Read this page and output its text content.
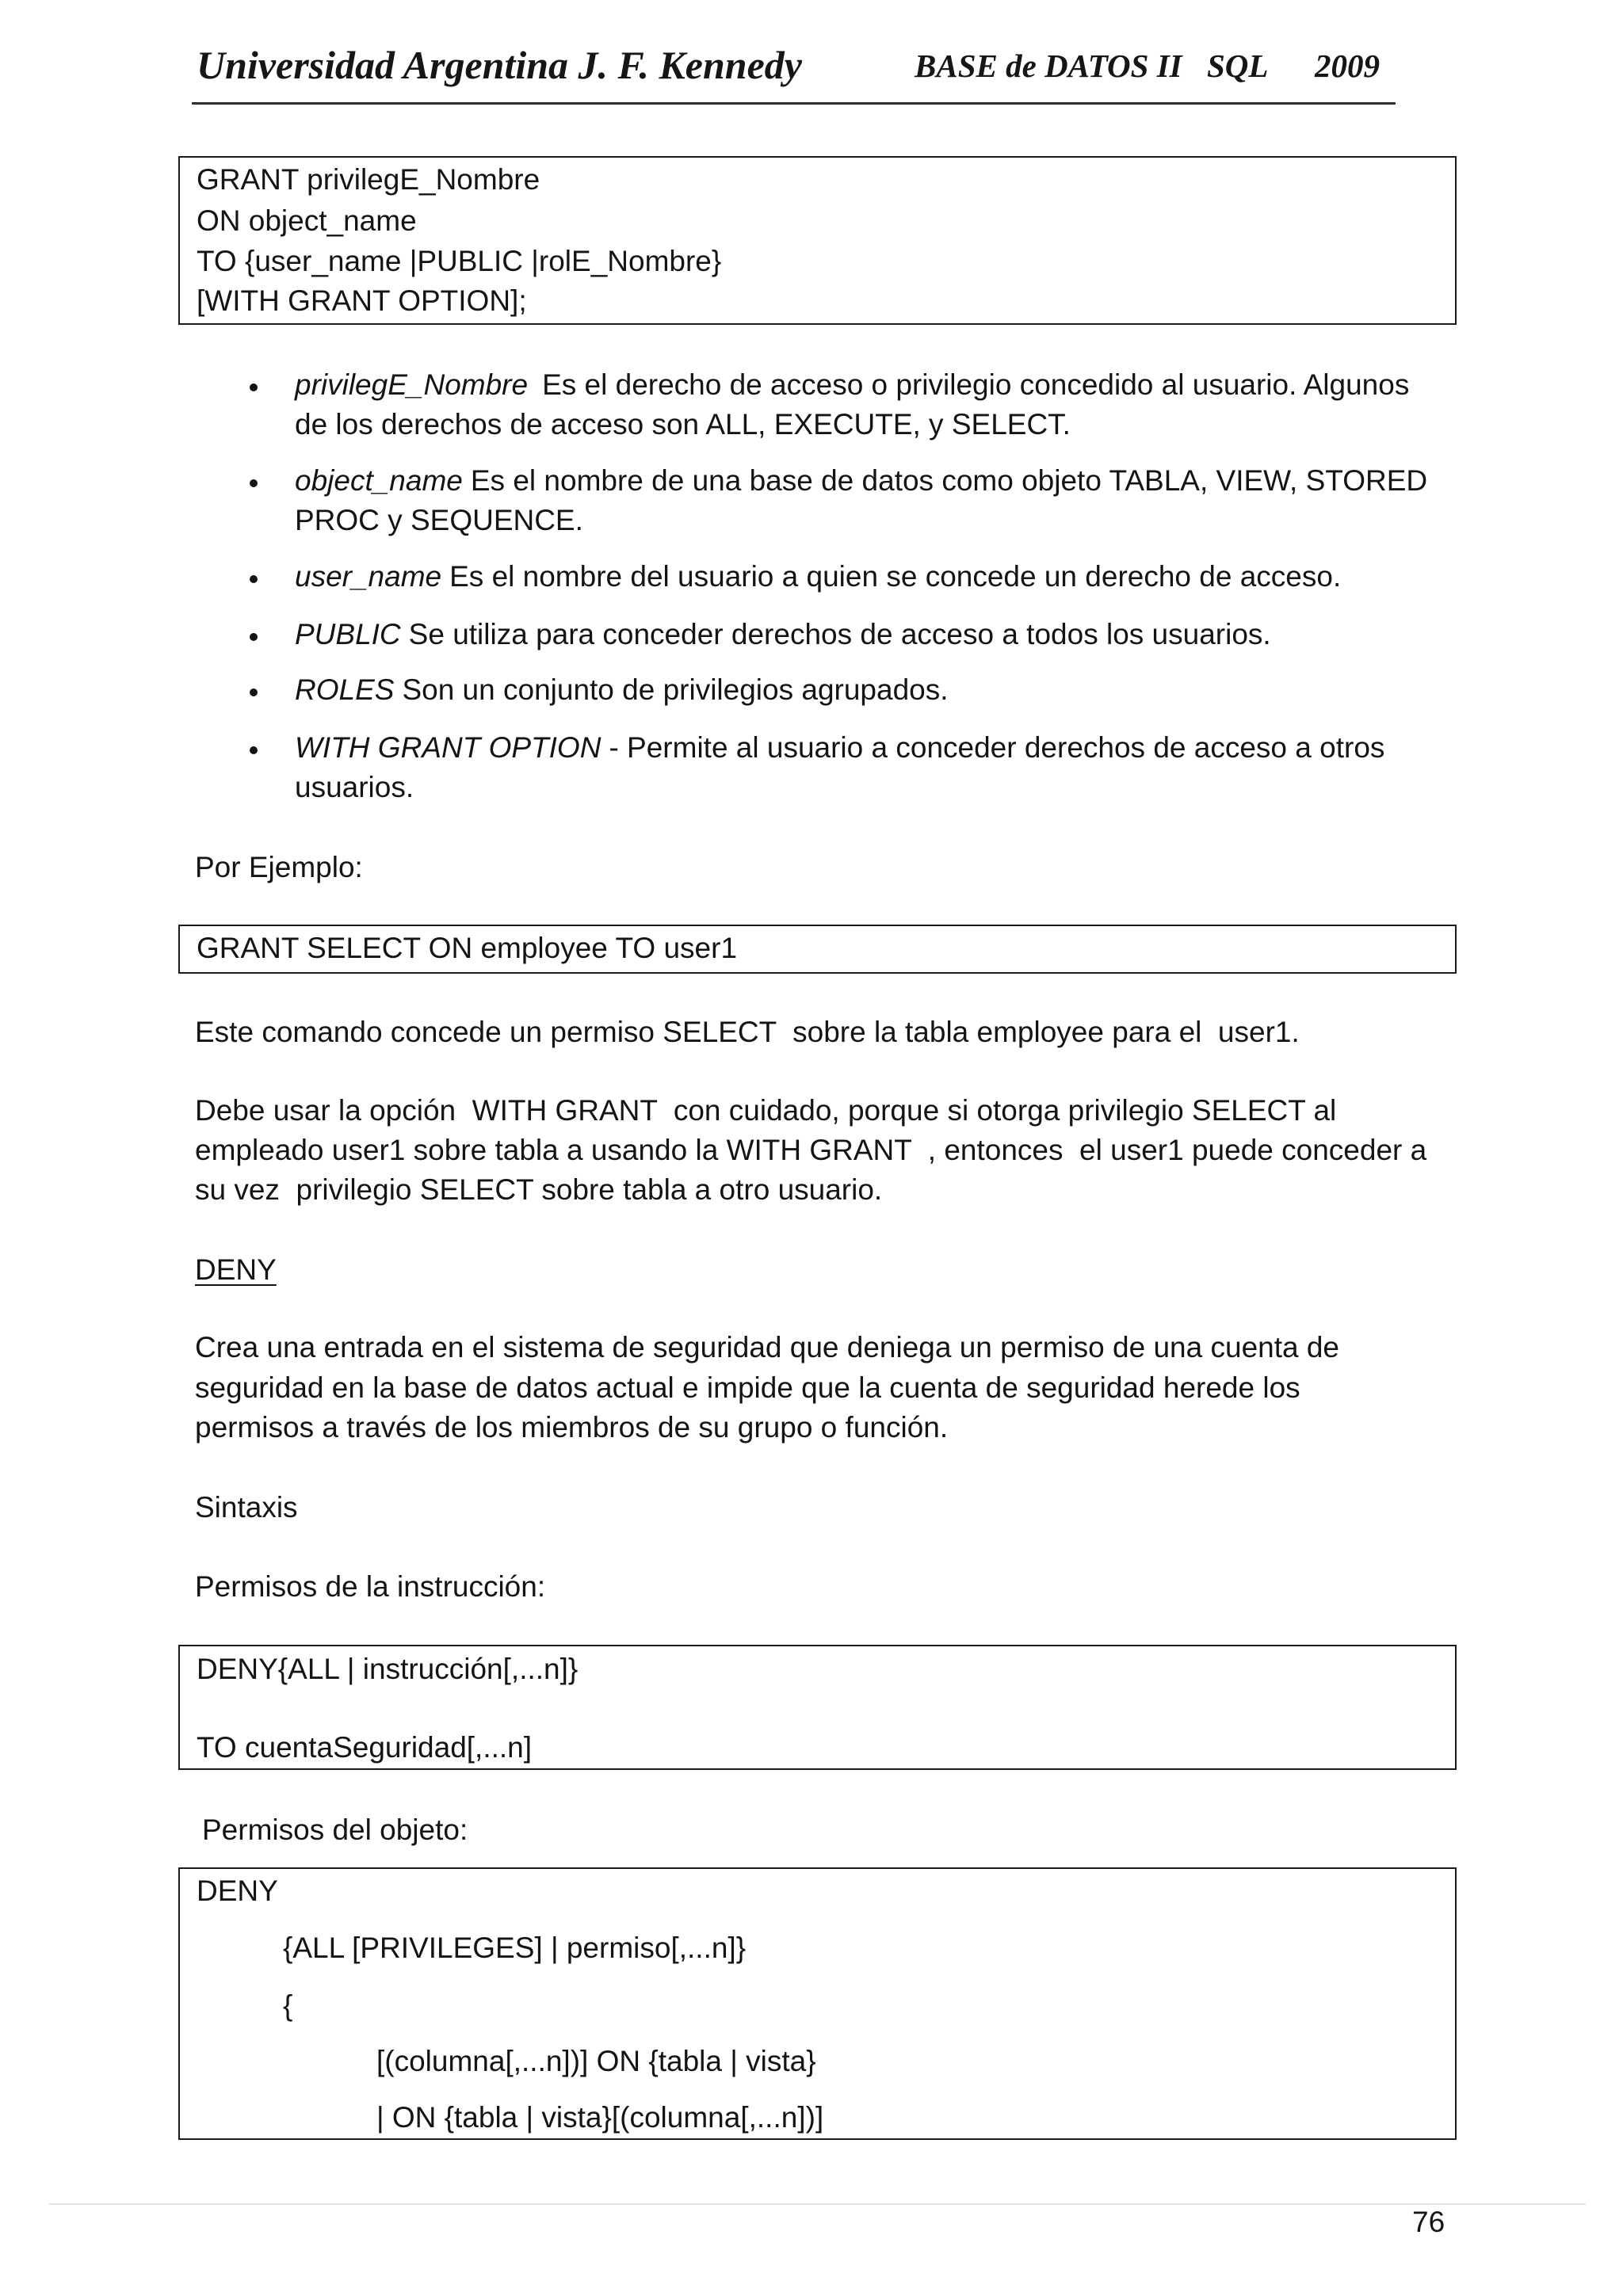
Universidad Argentina J. F. Kennedy	BASE de DATOS II SQL 2009
GRANT privilegE_Nombre
ON object_name
TO {user_name |PUBLIC |rolE_Nombre}
[WITH GRANT OPTION];
privilegE_Nombre Es el derecho de acceso o privilegio concedido al usuario. Algunos
de los derechos de acceso son ALL, EXECUTE, y SELECT.
object_name Es el nombre de una base de datos como objeto TABLA, VIEW, STORED
PROC y SEQUENCE.
user_name Es el nombre del usuario a quien se concede un derecho de acceso.
PUBLIC Se utiliza para conceder derechos de acceso a todos los usuarios.
ROLES Son un conjunto de privilegios agrupados.
WITH GRANT OPTION - Permite al usuario a conceder derechos de acceso a otros
usuarios.
Por Ejemplo:
GRANT SELECT ON employee TO user1
Este comando concede un permiso SELECT  sobre la tabla employee para el  user1.
Debe usar la opción  WITH GRANT  con cuidado, porque si otorga privilegio SELECT al
empleado user1 sobre tabla a usando la WITH GRANT  , entonces  el user1 puede conceder a
su vez  privilegio SELECT sobre tabla a otro usuario.
DENY
Crea una entrada en el sistema de seguridad que deniega un permiso de una cuenta de
seguridad en la base de datos actual e impide que la cuenta de seguridad herede los
permisos a través de los miembros de su grupo o función.
Sintaxis
Permisos de la instrucción:
DENY{ALL | instrucción[,...n]}
TO cuentaSeguridad[,...n]
Permisos del objeto:
DENY
{ALL [PRIVILEGES] | permiso[,...n]}
{
[(columna[,...n])] ON {tabla | vista}
| ON {tabla | vista}[(columna[,...n])]
76
